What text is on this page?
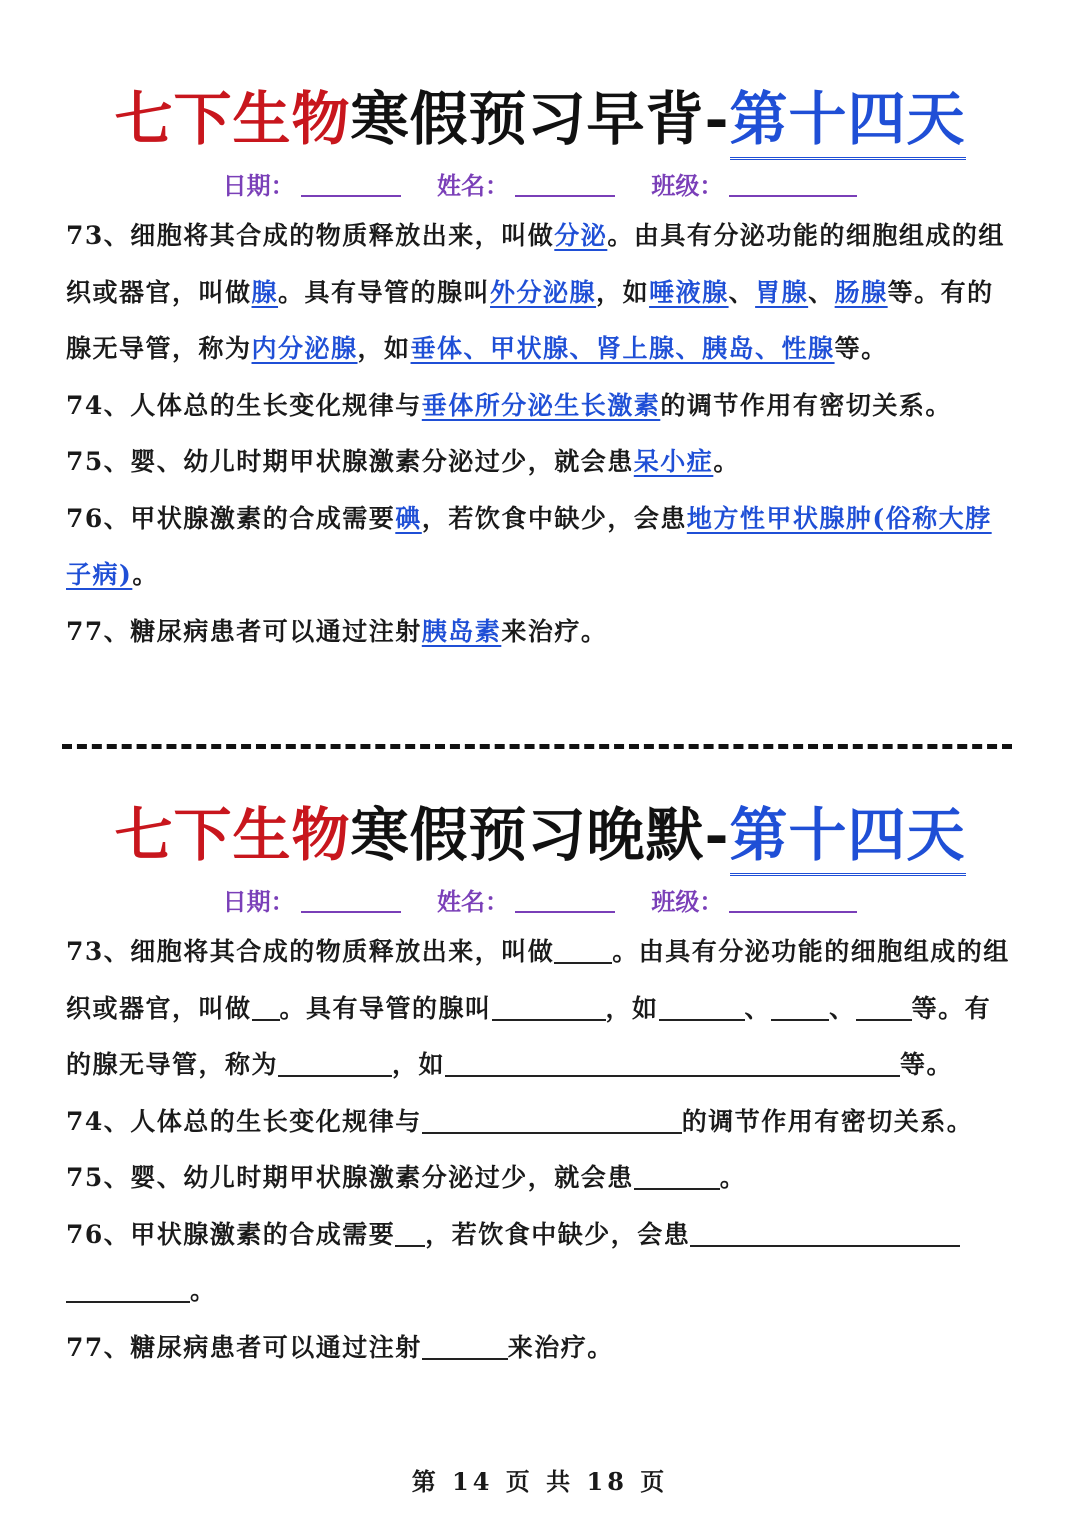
七下生物寒假预习早背-第十四天
日期：	姓名：	班级：

73、细胞将其合成的物质释放出来，叫做分泌。由具有分泌功能的细胞组成的组织或器官，叫做腺。具有导管的腺叫外分泌腺，如唾液腺、胃腺、肠腺等。有的腺无导管，称为内分泌腺，如垂体、甲状腺、肾上腺、胰岛、性腺等。

74、人体总的生长变化规律与垂体所分泌生长激素的调节作用有密切关系。

75、婴、幼儿时期甲状腺激素分泌过少，就会患呆小症。

76、甲状腺激素的合成需要碘，若饮食中缺少，会患地方性甲状腺肿(俗称大脖子病)。

77、糖尿病患者可以通过注射胰岛素来治疗。

七下生物寒假预习晚默-第十四天
日期：	姓名：	班级：

73、细胞将其合成的物质释放出来，叫做 。由具有分泌功能的细胞组成的组织或器官，叫做 。具有导管的腺叫	，如	、 、 等。有的腺无导管，称为	，如	等。

74、人体总的生长变化规律与	的调节作用有密切关系。

75、婴、幼儿时期甲状腺激素分泌过少，就会患	。

76、甲状腺激素的合成需要 ，若饮食中缺少，会患
。

77、糖尿病患者可以通过注射	来治疗。

第 14 页 共 18 页
